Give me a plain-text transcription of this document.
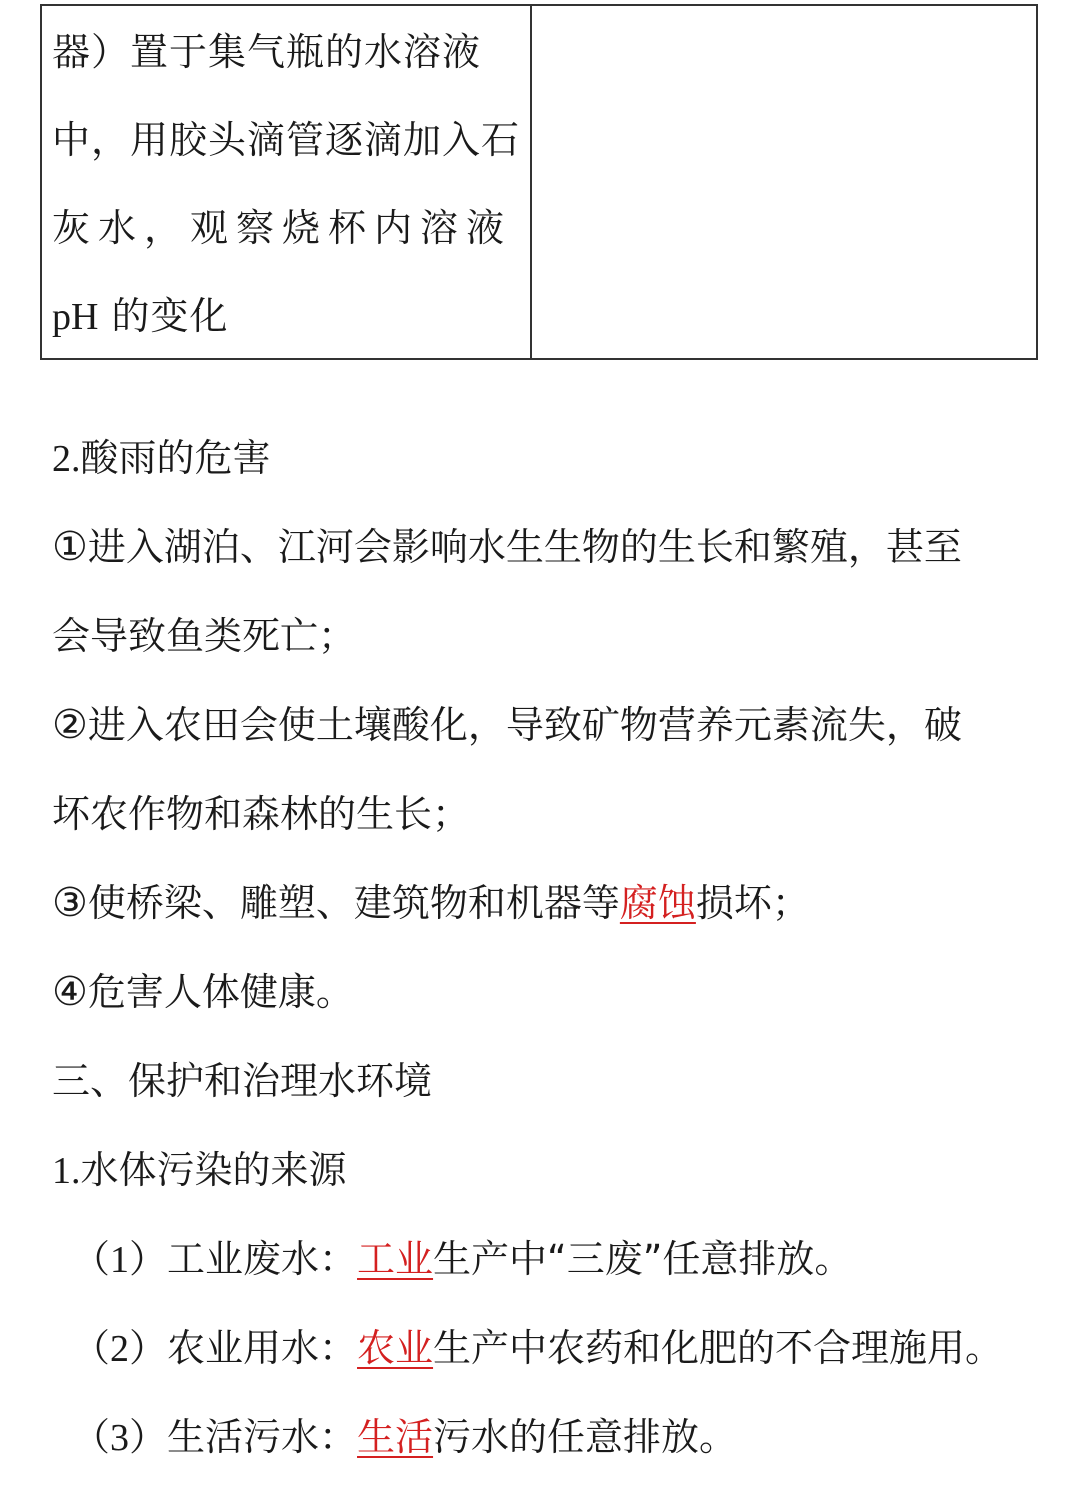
器）置于集气瓶的水溶液
中，用胶头滴管逐滴加入石
灰水，观察烧杯内溶液
pH 的变化
2.酸雨的危害
①进入湖泊、江河会影响水生生物的生长和繁殖，甚至
会导致鱼类死亡；
②进入农田会使土壤酸化，导致矿物营养元素流失，破
坏农作物和森林的生长；
③使桥梁、雕塑、建筑物和机器等腐蚀损坏；
④危害人体健康。
三、保护和治理水环境
1.水体污染的来源
（1）工业废水：工业生产中“三废”任意排放。
（2）农业用水：农业生产中农药和化肥的不合理施用。
（3）生活污水：生活污水的任意排放。
